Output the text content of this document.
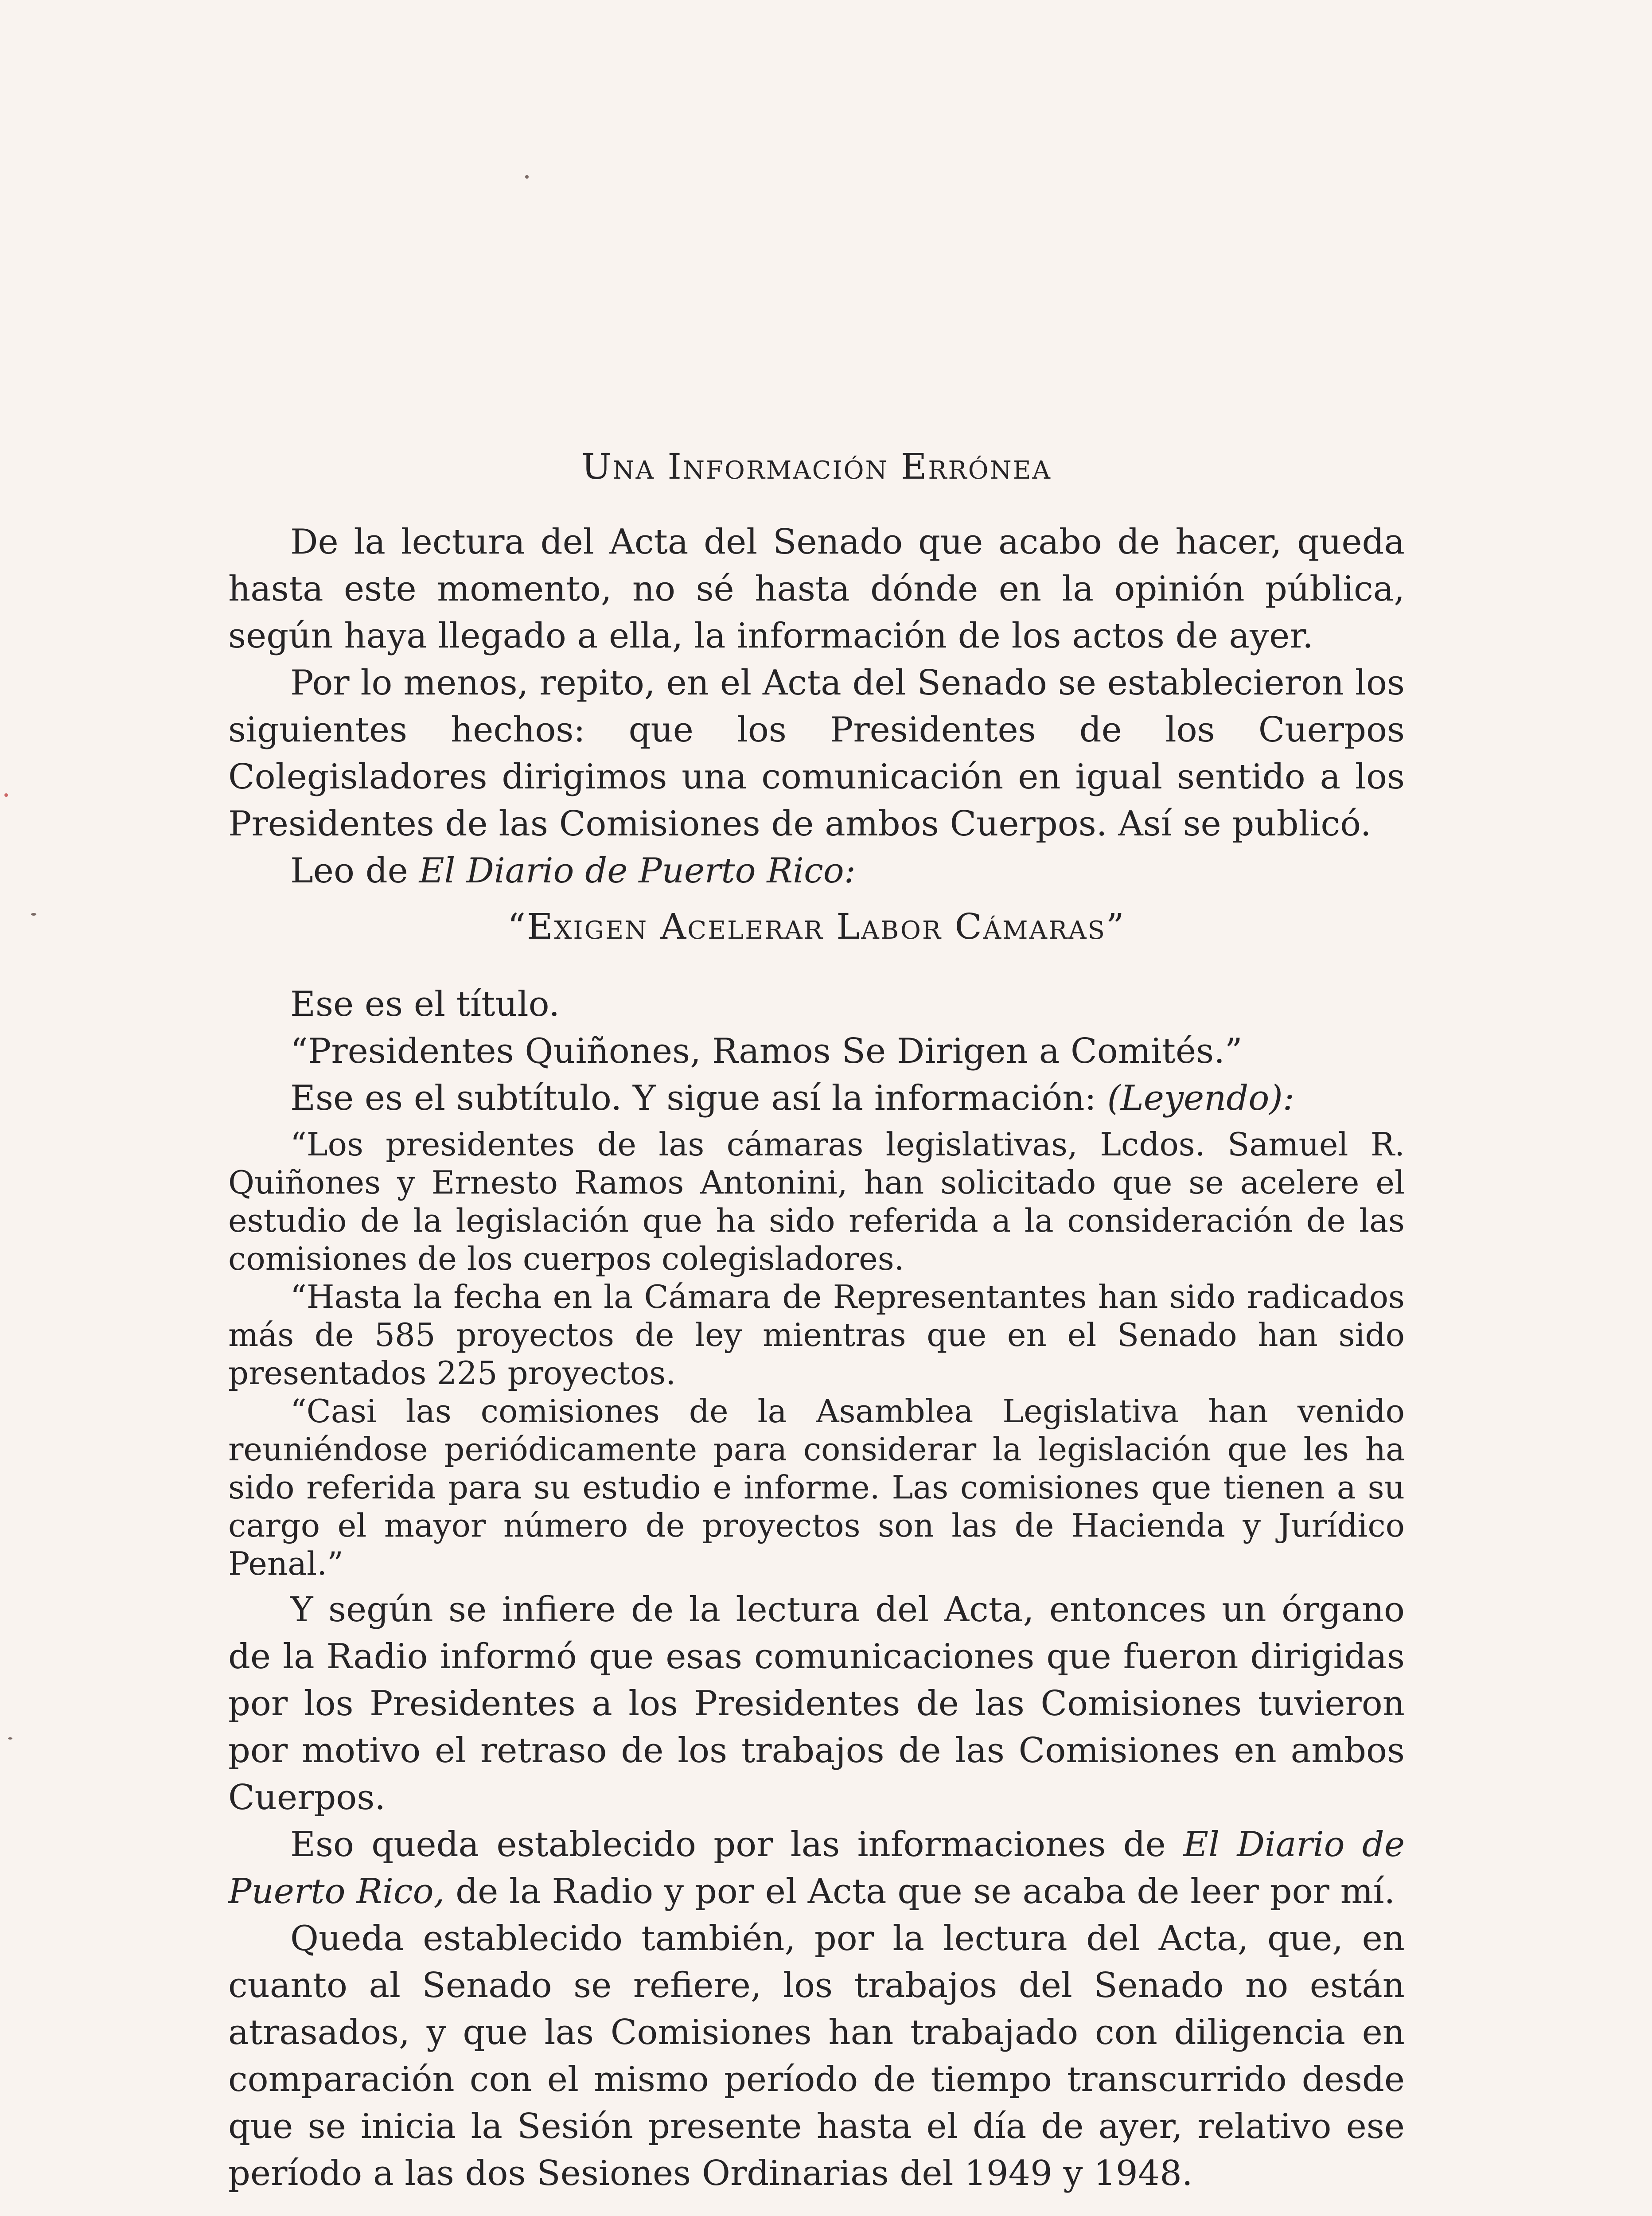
Una Información Errónea

De la lectura del Acta del Senado que acabo de hacer, queda hasta este momento, no sé hasta dónde en la opinión pública, según haya llegado a ella, la información de los actos de ayer.

Por lo menos, repito, en el Acta del Senado se establecieron los siguientes hechos: que los Presidentes de los Cuerpos Colegisladores dirigimos una comunicación en igual sentido a los Presidentes de las Comisiones de ambos Cuerpos. Así se publicó.

Leo de El Diario de Puerto Rico:

“Exigen Acelerar Labor Cámaras”

Ese es el título.

“Presidentes Quiñones, Ramos Se Dirigen a Comités.”

Ese es el subtítulo. Y sigue así la información: (Leyendo):

“Los presidentes de las cámaras legislativas, Lcdos. Samuel R. Quiñones y Ernesto Ramos Antonini, han solicitado que se acelere el estudio de la legislación que ha sido referida a la consideración de las comisiones de los cuerpos colegisladores.

“Hasta la fecha en la Cámara de Representantes han sido radicados más de 585 proyectos de ley mientras que en el Senado han sido presentados 225 proyectos.

“Casi las comisiones de la Asamblea Legislativa han venido reuniéndose periódicamente para considerar la legislación que les ha sido referida para su estudio e informe. Las comisiones que tienen a su cargo el mayor número de proyectos son las de Hacienda y Jurídico Penal.”

Y según se infiere de la lectura del Acta, entonces un órgano de la Radio informó que esas comunicaciones que fueron dirigidas por los Presidentes a los Presidentes de las Comisiones tuvieron por motivo el retraso de los trabajos de las Comisiones en ambos Cuerpos.

Eso queda establecido por las informaciones de El Diario de Puerto Rico, de la Radio y por el Acta que se acaba de leer por mí.

Queda establecido también, por la lectura del Acta, que, en cuanto al Senado se refiere, los trabajos del Senado no están atrasados, y que las Comisiones han trabajado con diligencia en comparación con el mismo período de tiempo transcurrido desde que se inicia la Sesión presente hasta el día de ayer, relativo ese período a las dos Sesiones Ordinarias del 1949 y 1948.
